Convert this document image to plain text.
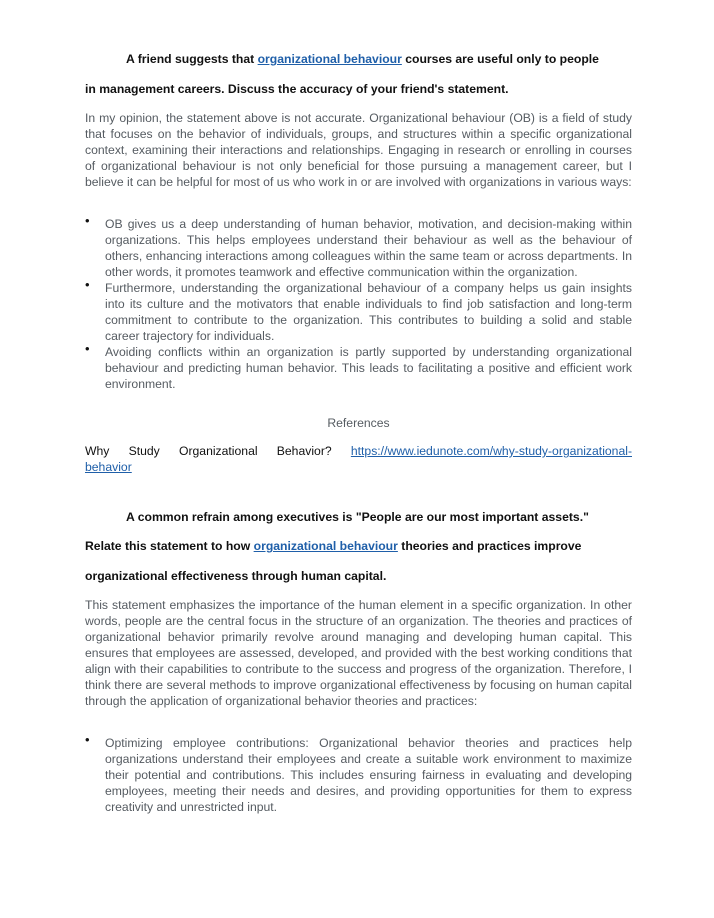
A friend suggests that organizational behaviour courses are useful only to people

in management careers. Discuss the accuracy of your friend's statement.

In my opinion, the statement above is not accurate. Organizational behaviour (OB) is a field of study that focuses on the behavior of individuals, groups, and structures within a specific organizational context, examining their interactions and relationships. Engaging in research or enrolling in courses of organizational behaviour is not only beneficial for those pursuing a management career, but I believe it can be helpful for most of us who work in or are involved with organizations in various ways:

• OB gives us a deep understanding of human behavior, motivation, and decision-making within organizations. This helps employees understand their behaviour as well as the behaviour of others, enhancing interactions among colleagues within the same team or across departments. In other words, it promotes teamwork and effective communication within the organization.
• Furthermore, understanding the organizational behaviour of a company helps us gain insights into its culture and the motivators that enable individuals to find job satisfaction and long-term commitment to contribute to the organization. This contributes to building a solid and stable career trajectory for individuals.
• Avoiding conflicts within an organization is partly supported by understanding organizational behaviour and predicting human behavior. This leads to facilitating a positive and efficient work environment.

References

Why Study Organizational Behavior? https://www.iedunote.com/why-study-organizational-

behavior

A common refrain among executives is "People are our most important assets."

Relate this statement to how organizational behaviour theories and practices improve

organizational effectiveness through human capital.

This statement emphasizes the importance of the human element in a specific organization. In other words, people are the central focus in the structure of an organization. The theories and practices of organizational behavior primarily revolve around managing and developing human capital. This ensures that employees are assessed, developed, and provided with the best working conditions that align with their capabilities to contribute to the success and progress of the organization. Therefore, I think there are several methods to improve organizational effectiveness by focusing on human capital through the application of organizational behavior theories and practices:

• Optimizing employee contributions: Organizational behavior theories and practices help organizations understand their employees and create a suitable work environment to maximize their potential and contributions. This includes ensuring fairness in evaluating and developing employees, meeting their needs and desires, and providing opportunities for them to express creativity and unrestricted input.
